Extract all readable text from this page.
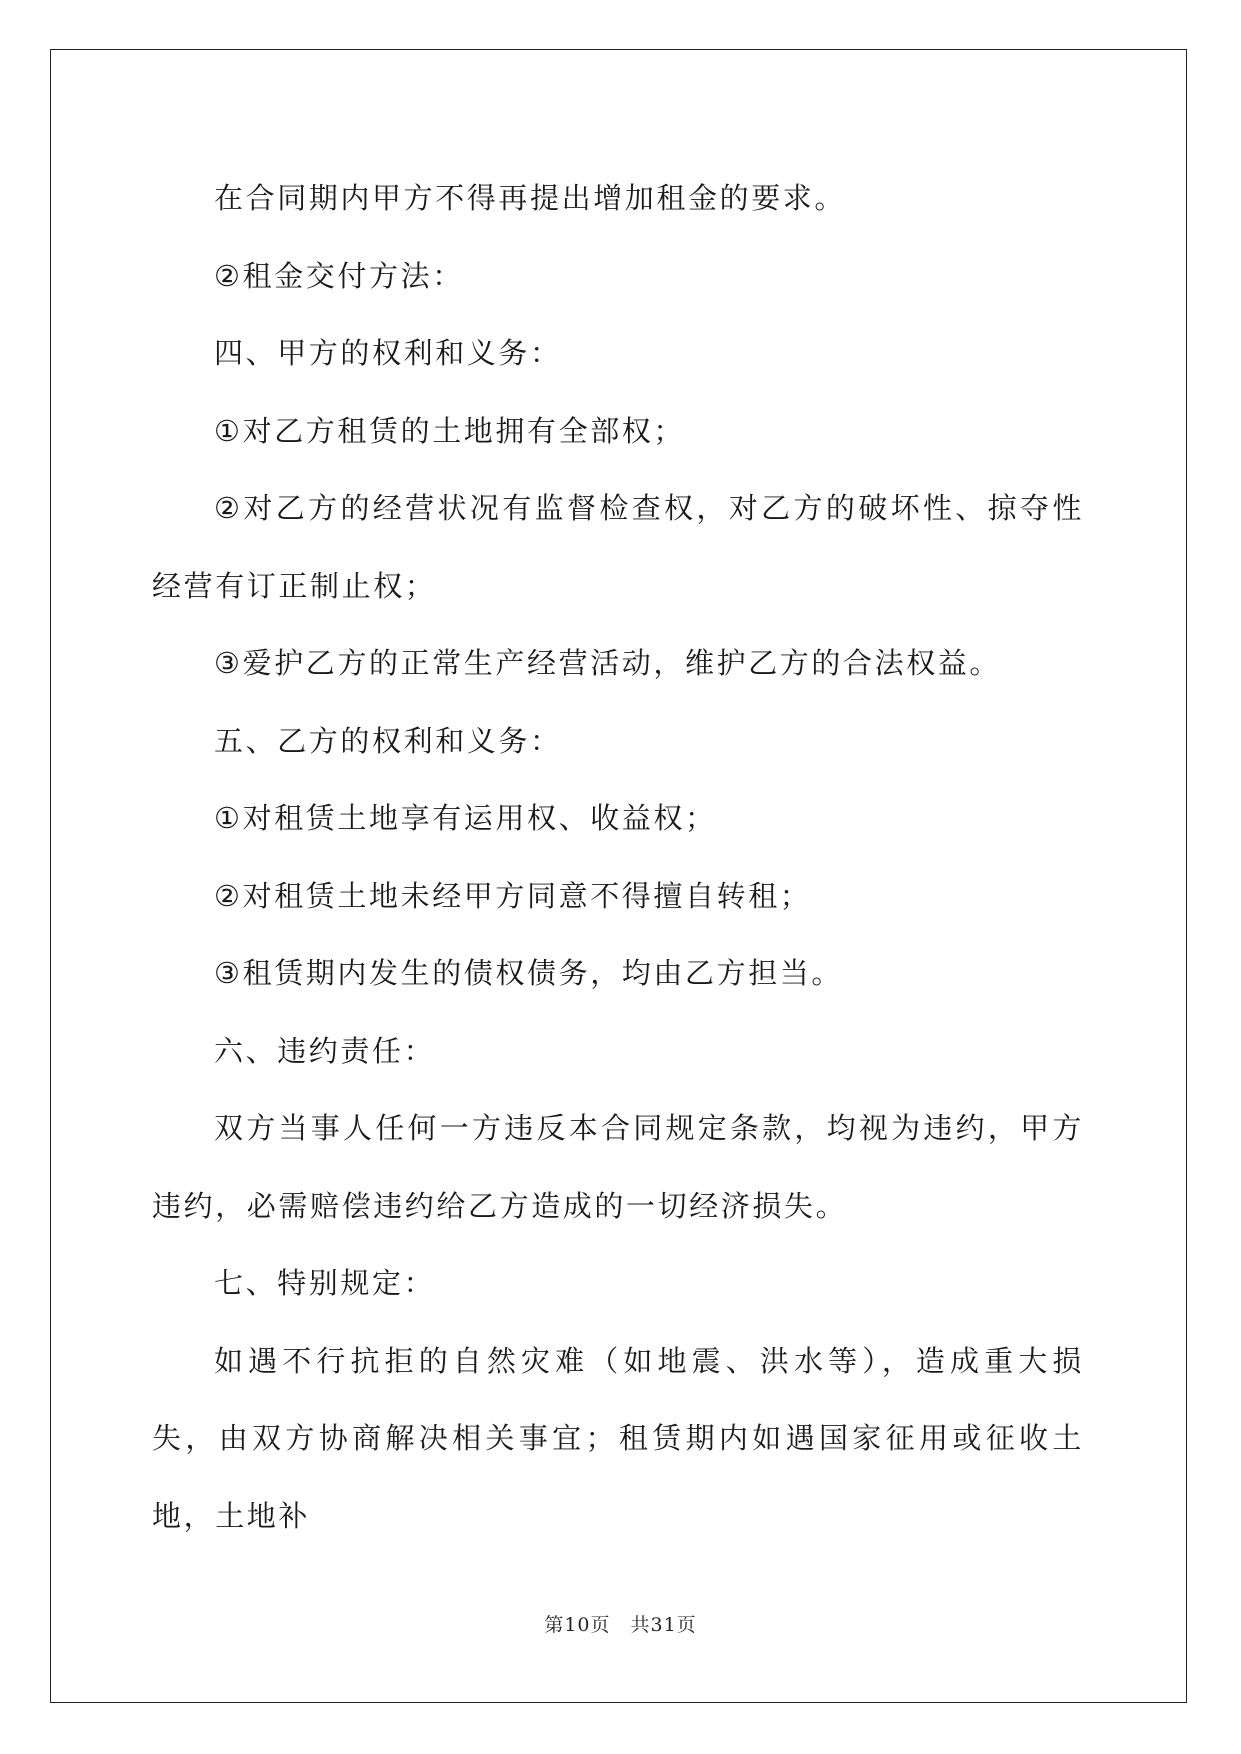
在合同期内甲方不得再提出增加租金的要求。

②租金交付方法：

四、甲方的权利和义务：

①对乙方租赁的土地拥有全部权；

②对乙方的经营状况有监督检查权，对乙方的破坏性、掠夺性经营有订正制止权；

③爱护乙方的正常生产经营活动，维护乙方的合法权益。

五、乙方的权利和义务：

①对租赁土地享有运用权、收益权；

②对租赁土地未经甲方同意不得擅自转租；

③租赁期内发生的债权债务，均由乙方担当。

六、违约责任：

双方当事人任何一方违反本合同规定条款，均视为违约，甲方违约，必需赔偿违约给乙方造成的一切经济损失。

七、特别规定：

如遇不行抗拒的自然灾难（如地震、洪水等），造成重大损失，由双方协商解决相关事宜；租赁期内如遇国家征用或征收土地，土地补

第10页 共31页
